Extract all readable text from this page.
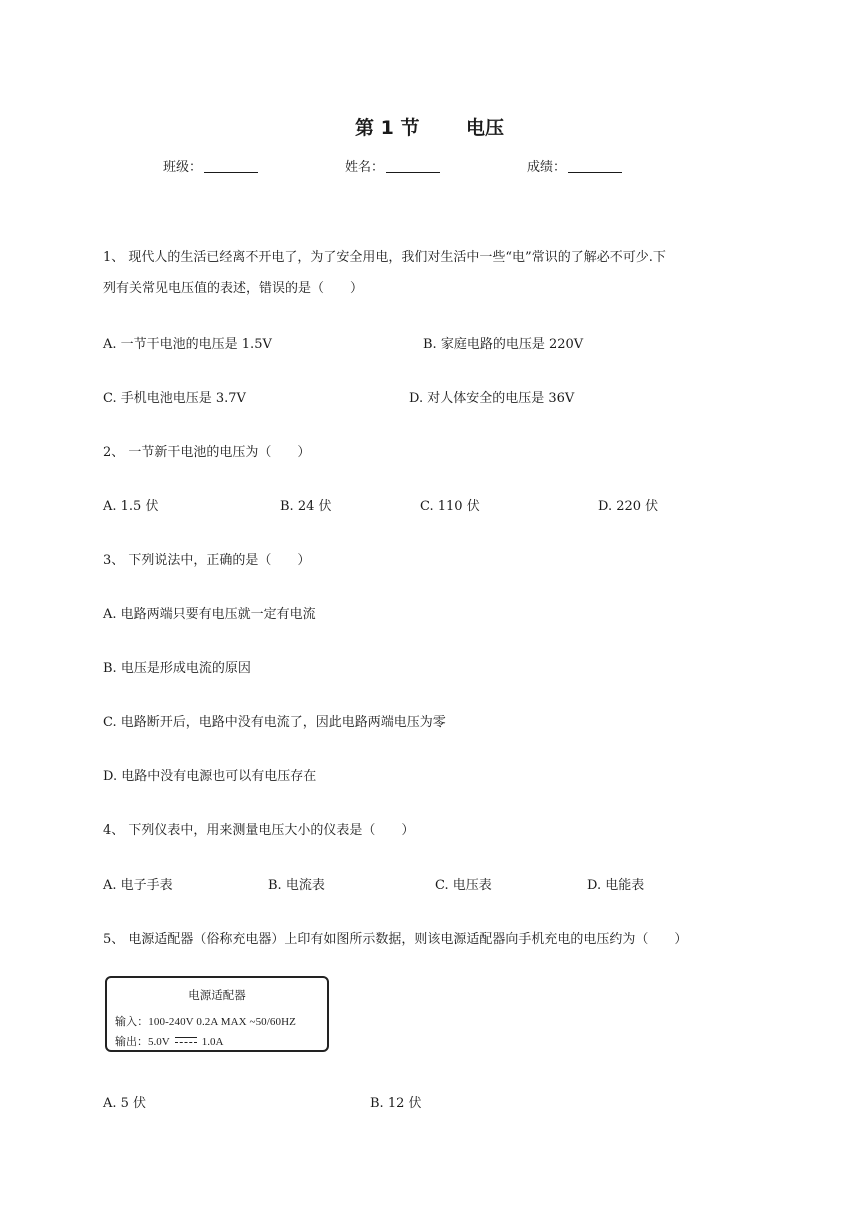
第 1 节 电压
班级：	姓名：	成绩：
1、 现代人的生活已经离不开电了，为了安全用电，我们对生活中一些“电”常识的了解必不可少.下
列有关常见电压值的表述，错误的是（　　）
A. 一节干电池的电压是 1.5V	B. 家庭电路的电压是 220V
C. 手机电池电压是 3.7V	D. 对人体安全的电压是 36V
2、 一节新干电池的电压为（　　）
A. 1.5 伏	B. 24 伏	C. 110 伏	D. 220 伏
3、 下列说法中，正确的是（　　）
A. 电路两端只要有电压就一定有电流
B. 电压是形成电流的原因
C. 电路断开后，电路中没有电流了，因此电路两端电压为零
D. 电路中没有电源也可以有电压存在
4、 下列仪表中，用来测量电压大小的仪表是（　　）
A. 电子手表	B. 电流表	C. 电压表	D. 电能表
5、 电源适配器（俗称充电器）上印有如图所示数据，则该电源适配器向手机充电的电压约为（　　）
电源适配器
输入：100-240V 0.2A MAX ~50/60HZ
输出：5.0V	1.0A
A. 5 伏	B. 12 伏
